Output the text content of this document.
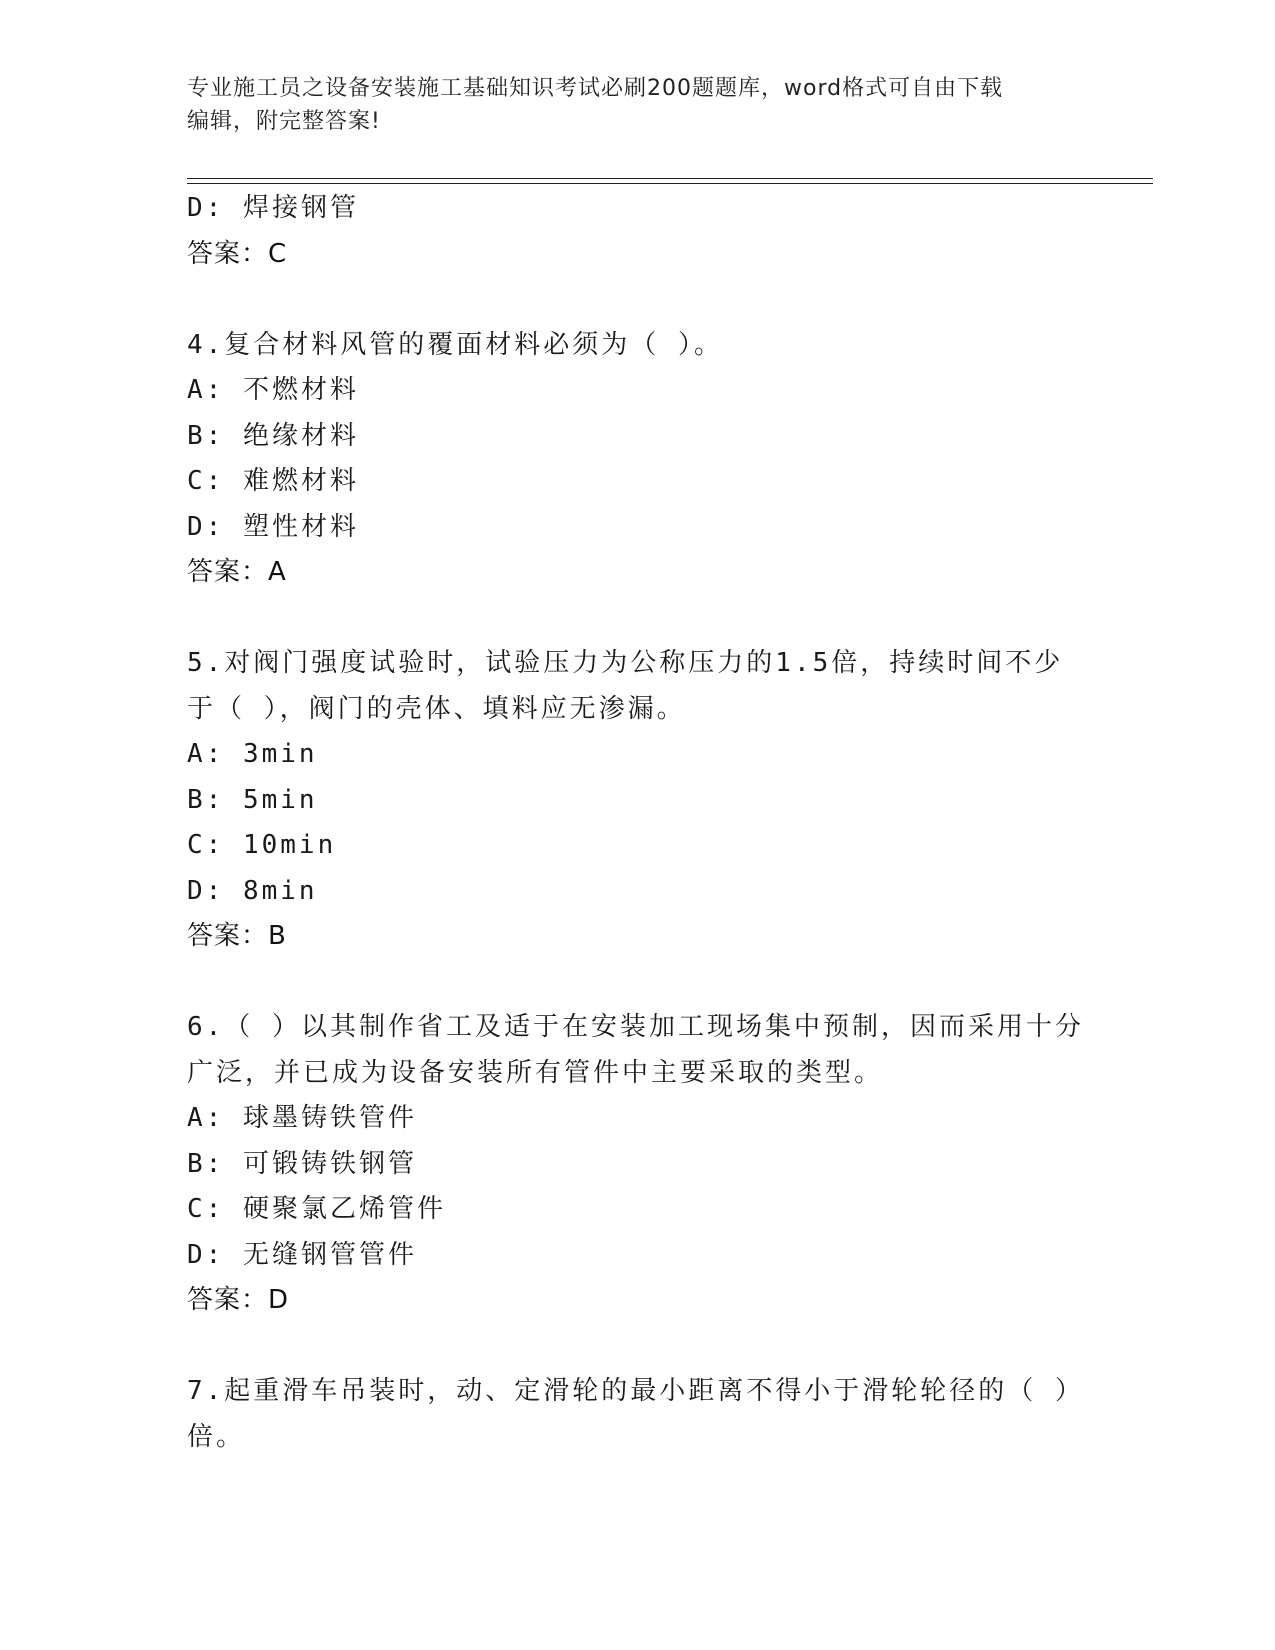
专业施工员之设备安装施工基础知识考试必刷200题题库，word格式可自由下载
编辑，附完整答案!
D: 焊接钢管
答案：C
4.复合材料风管的覆面材料必须为（ ）。
A: 不燃材料
B: 绝缘材料
C: 难燃材料
D: 塑性材料
答案：A
5.对阀门强度试验时，试验压力为公称压力的1.5倍，持续时间不少
于（ ），阀门的壳体、填料应无渗漏。
A: 3min
B: 5min
C: 10min
D: 8min
答案：B
6.（ ）以其制作省工及适于在安装加工现场集中预制，因而采用十分
广泛，并已成为设备安装所有管件中主要采取的类型。
A: 球墨铸铁管件
B: 可锻铸铁钢管
C: 硬聚氯乙烯管件
D: 无缝钢管管件
答案：D
7.起重滑车吊装时，动、定滑轮的最小距离不得小于滑轮轮径的（ ）
倍。
